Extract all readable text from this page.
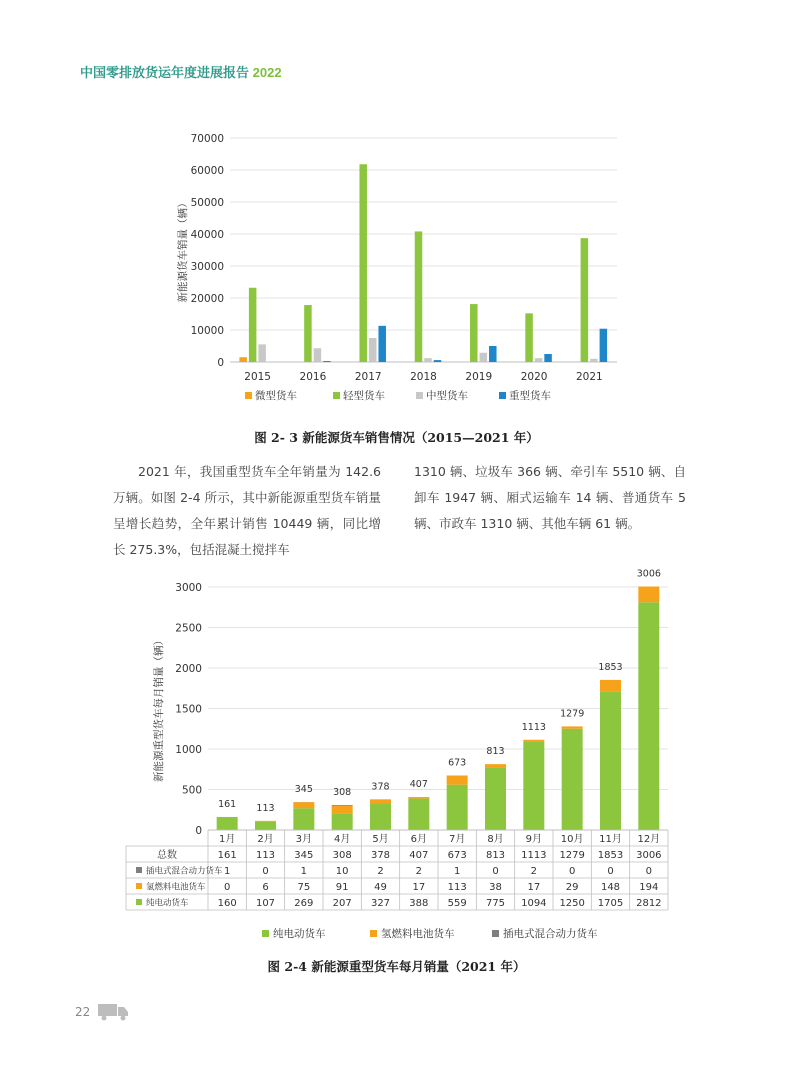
中国零排放货运年度进展报告 2022
0
10000
20000
30000
40000
50000
60000
70000
新能源货车销量（辆）
2015	2016	2017	2018	2019	2020	2021
微型货车	轻型货车	中型货车	重型货车
图 2- 3 新能源货车销售情况（2015—2021 年）
2021 年，我国重型货车全年销量为 142.6 万辆。如图 2-4 所示，其中新能源重型货车销量呈增长趋势，全年累计销售 10449 辆，同比增长 275.3%，包括混凝土搅拌车
1310 辆、垃圾车 366 辆、牵引车 5510 辆、自卸车 1947 辆、厢式运输车 14 辆、普通货车 5 辆、市政车 1310 辆、其他车辆 61 辆。
0
500
1000
1500
2000
2500
3000
新能源重型货车每月销量（辆）
161 113
345 308
378 407
673
813
1113
1279
1853
3006
1月 2月 3月 4月 5月 6月 7月 8月 9月 10月 11月 12月
总数	161 113 345 308 378 407 673 813 1113 1279 1853 3006
插电式混合动力货车 1	0	1	10	2	2	1	0	2	0	0	0
氢燃料电池货车 0	6	75	91	49	17 113 38	17	29 148 194
纯电动货车	160 107 269 207 327 388 559 775 1094 1250 1705 2812
纯电动货车	氢燃料电池货车	插电式混合动力货车
图 2-4 新能源重型货车每月销量（2021 年）
22
